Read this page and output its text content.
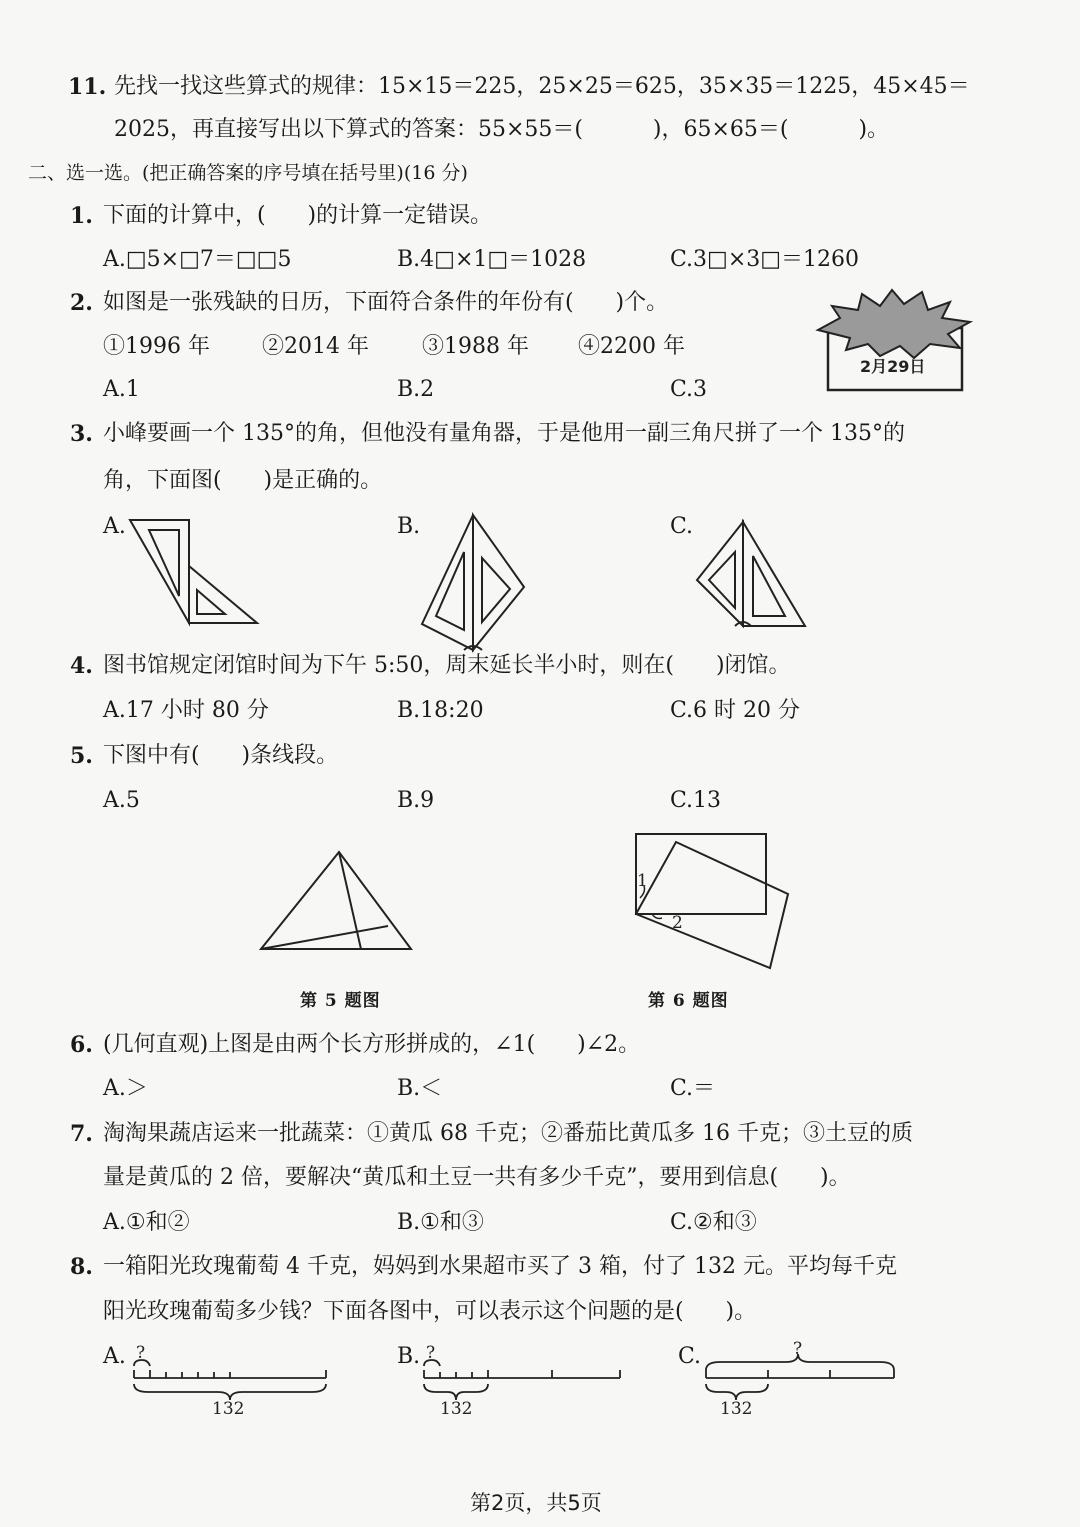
11. 先找一找这些算式的规律：15×15＝225，25×25＝625，35×35＝1225，45×45＝
2025，再直接写出以下算式的答案：55×55＝(          )，65×65＝(          )。
二、选一选。(把正确答案的序号填在括号里)(16 分)
1. 下面的计算中，(      )的计算一定错误。
A.□5×□7＝□□5	B.4□×1□＝1028	C.3□×3□＝1260
2. 如图是一张残缺的日历，下面符合条件的年份有(      )个。
①1996 年 ②2014 年 ③1988 年 ④2200 年
A.1	B.2	C.3
2月29日
3. 小峰要画一个 135°的角，但他没有量角器，于是他用一副三角尺拼了一个 135°的
角，下面图(      )是正确的。
A.	B.	C.
4. 图书馆规定闭馆时间为下午 5:50，周末延长半小时，则在(      )闭馆。
A.17 小时 80 分	B.18:20	C.6 时 20 分
5. 下图中有(      )条线段。
A.5	B.9	C.13
第 5 题图
1
2
第 6 题图
6. (几何直观)上图是由两个长方形拼成的，∠1(      )∠2。
A.＞	B.＜	C.＝
7. 淘淘果蔬店运来一批蔬菜：①黄瓜 68 千克；②番茄比黄瓜多 16 千克；③土豆的质
量是黄瓜的 2 倍，要解决“黄瓜和土豆一共有多少千克”，要用到信息(      )。
A.①和②	B.①和③	C.②和③
8. 一箱阳光玫瑰葡萄 4 千克，妈妈到水果超市买了 3 箱，付了 132 元。平均每千克
阳光玫瑰葡萄多少钱？下面各图中，可以表示这个问题的是(      )。
A.	B.	C.
?
132
?
132
?
132
第2页，共5页
